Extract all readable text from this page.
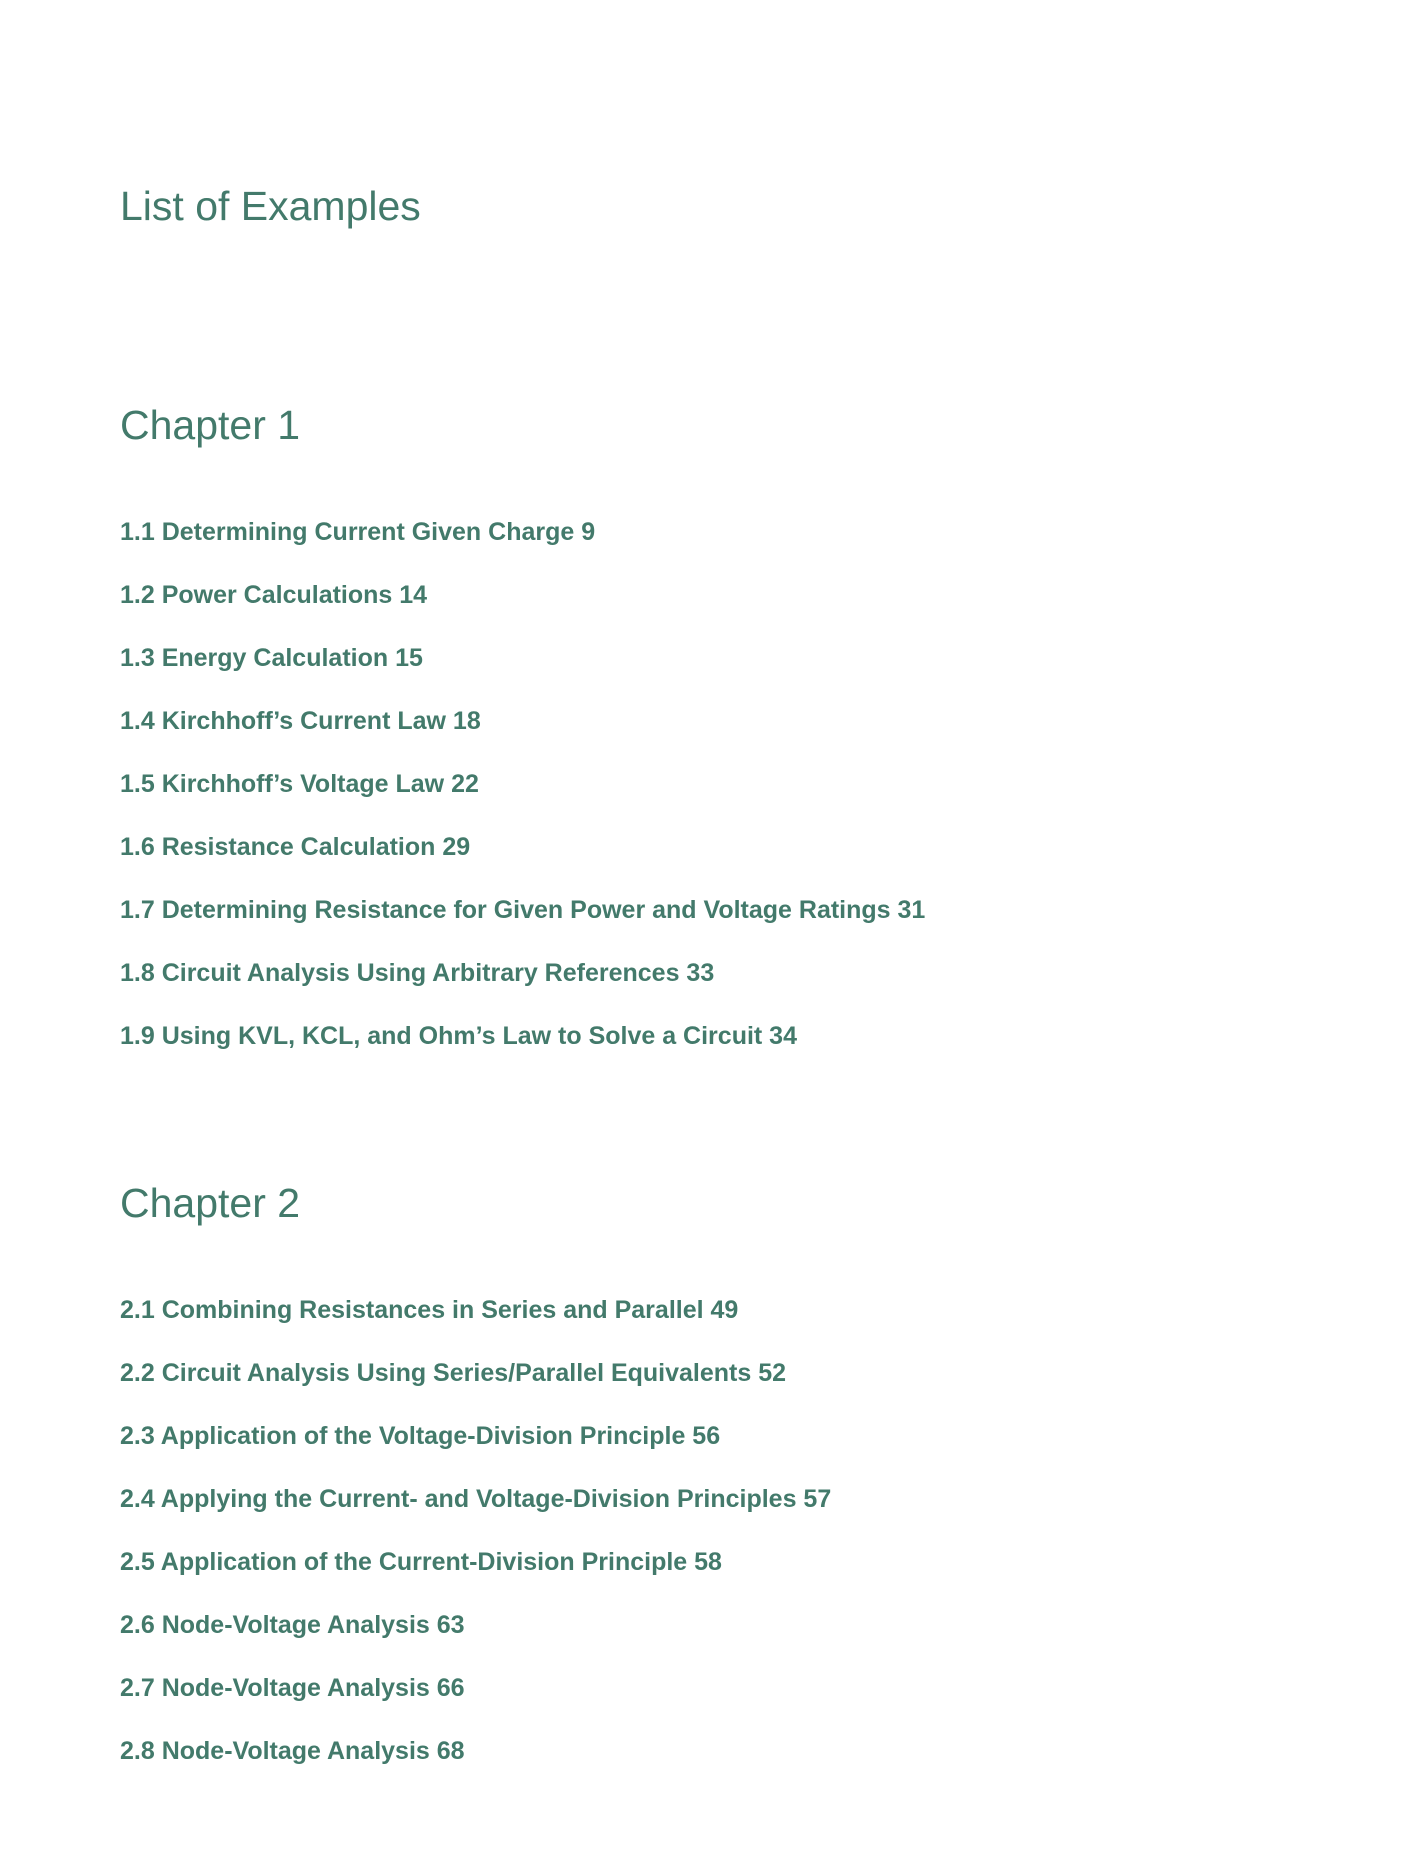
List of Examples
Chapter 1
1.1 Determining Current Given Charge 9
1.2 Power Calculations 14
1.3 Energy Calculation 15
1.4 Kirchhoff’s Current Law 18
1.5 Kirchhoff’s Voltage Law 22
1.6 Resistance Calculation 29
1.7 Determining Resistance for Given Power and Voltage Ratings 31
1.8 Circuit Analysis Using Arbitrary References 33
1.9 Using KVL, KCL, and Ohm’s Law to Solve a Circuit 34
Chapter 2
2.1 Combining Resistances in Series and Parallel 49
2.2 Circuit Analysis Using Series/Parallel Equivalents 52
2.3 Application of the Voltage-Division Principle 56
2.4 Applying the Current- and Voltage-Division Principles 57
2.5 Application of the Current-Division Principle 58
2.6 Node-Voltage Analysis 63
2.7 Node-Voltage Analysis 66
2.8 Node-Voltage Analysis 68
